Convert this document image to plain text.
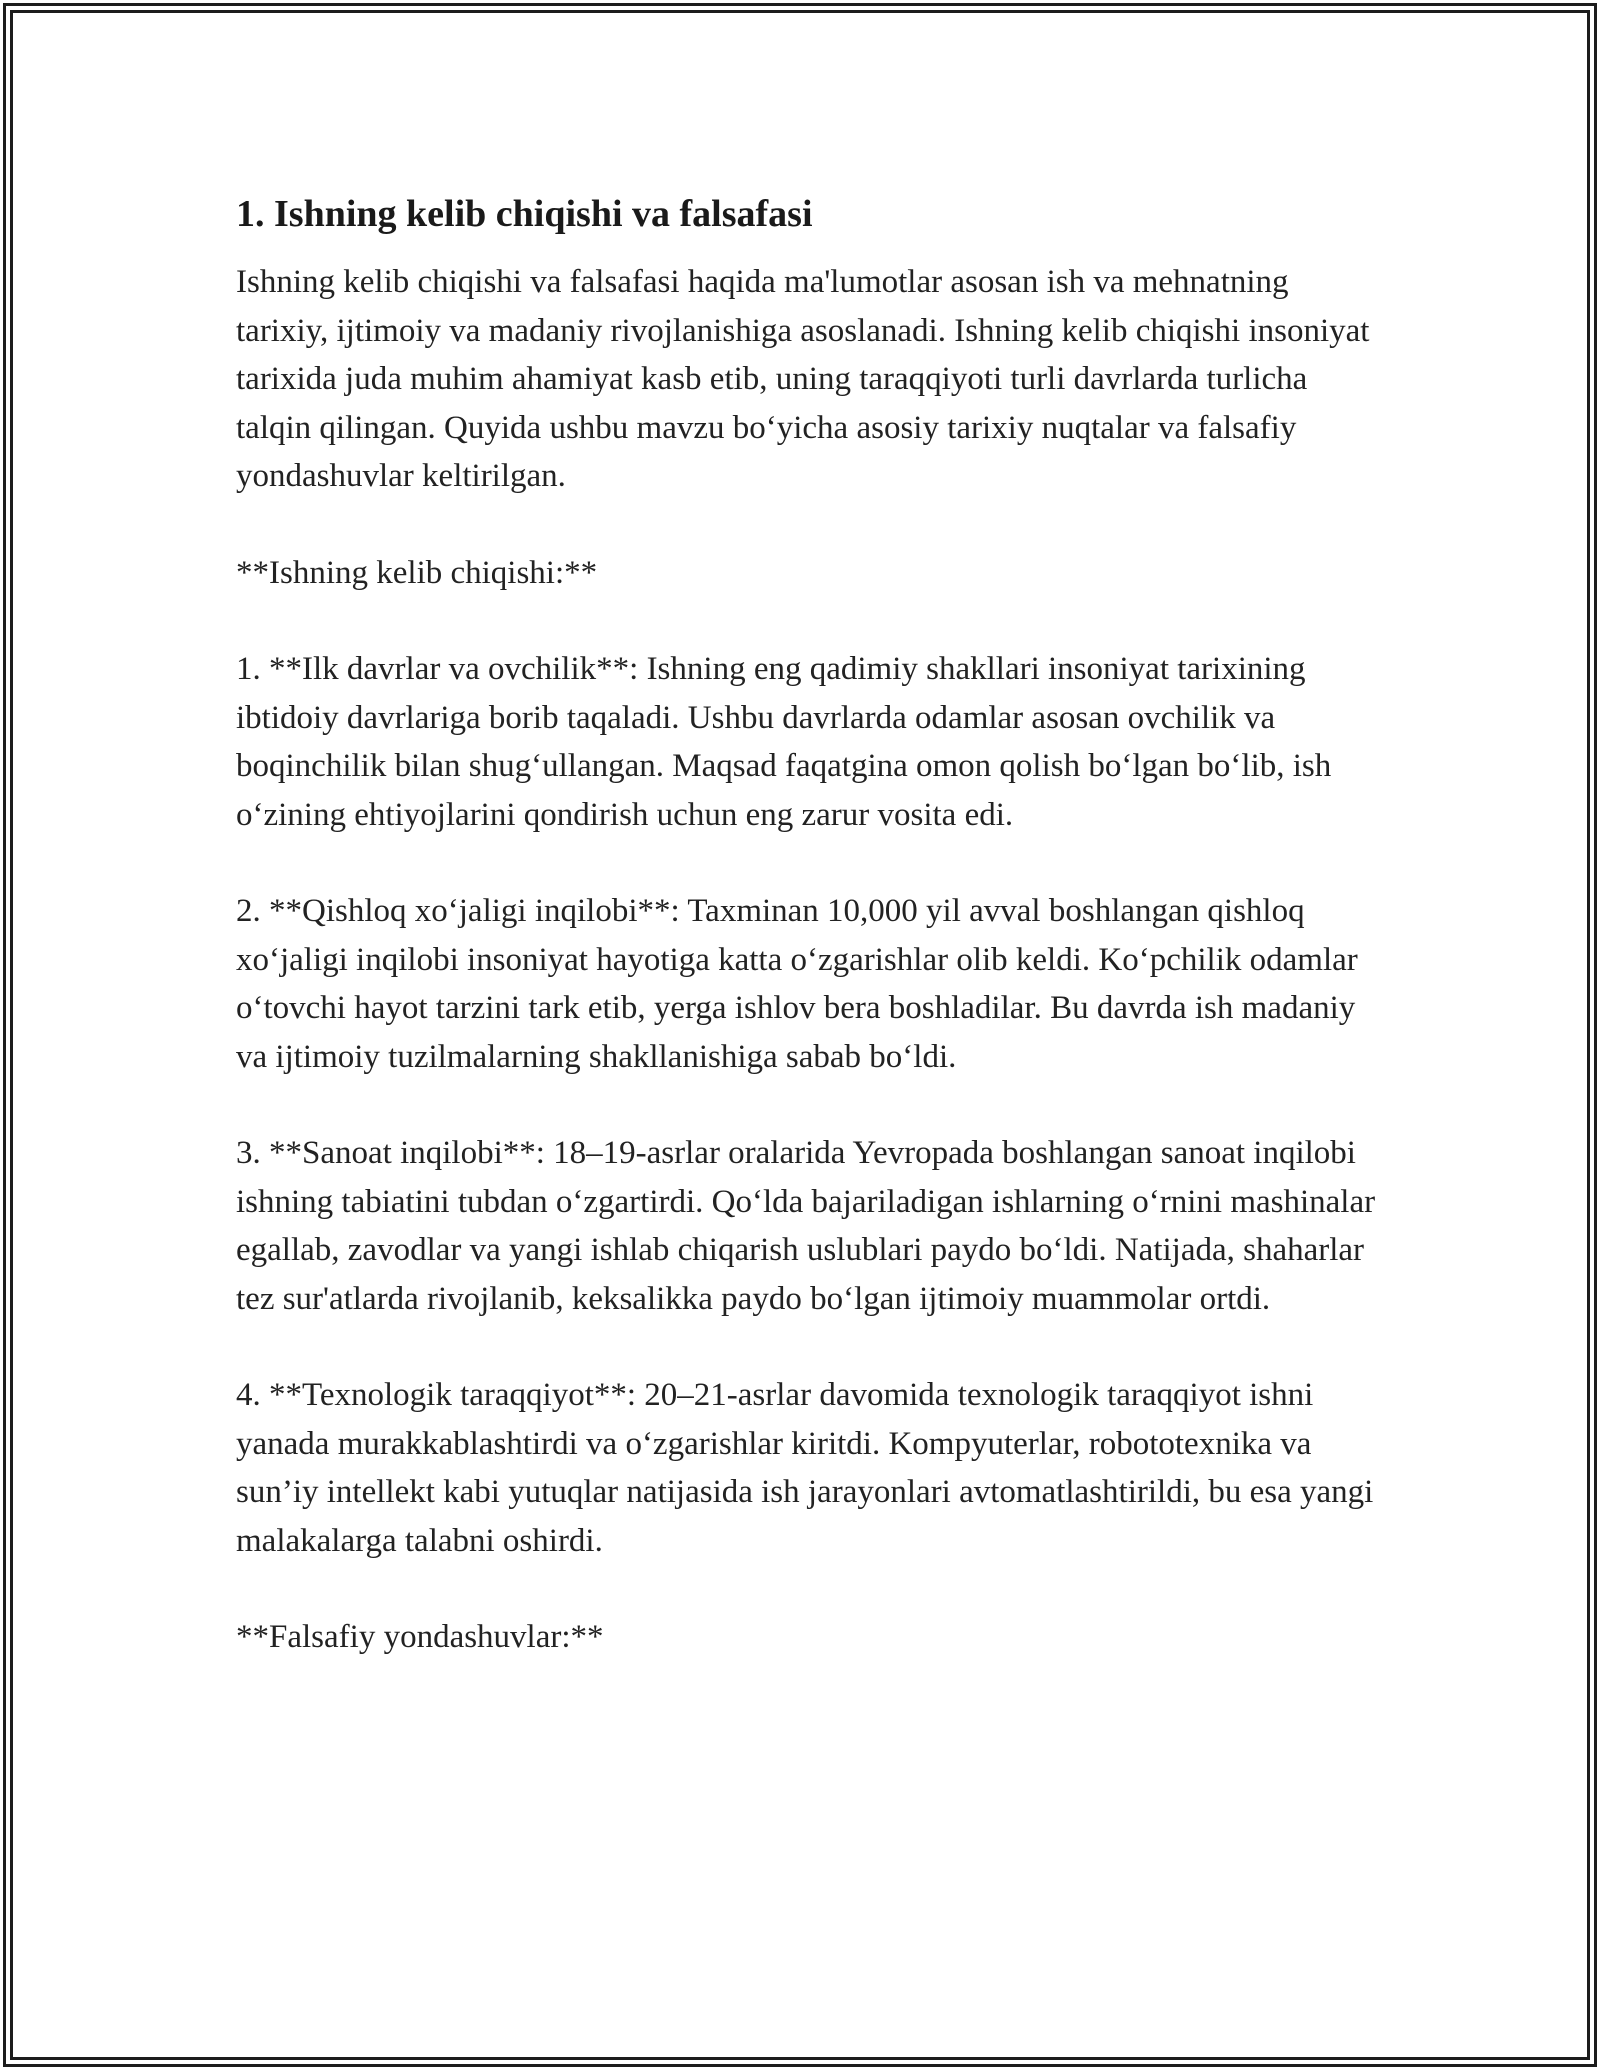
1. Ishning kelib chiqishi va falsafasi

Ishning kelib chiqishi va falsafasi haqida ma'lumotlar asosan ish va mehnatning tarixiy, ijtimoiy va madaniy rivojlanishiga asoslanadi. Ishning kelib chiqishi insoniyat tarixida juda muhim ahamiyat kasb etib, uning taraqqiyoti turli davrlarda turlicha talqin qilingan. Quyida ushbu mavzu bo‘yicha asosiy tarixiy nuqtalar va falsafiy yondashuvlar keltirilgan.

**Ishning kelib chiqishi:**

1. **Ilk davrlar va ovchilik**: Ishning eng qadimiy shakllari insoniyat tarixining ibtidoiy davrlariga borib taqaladi. Ushbu davrlarda odamlar asosan ovchilik va boqinchilik bilan shug‘ullangan. Maqsad faqatgina omon qolish bo‘lgan bo‘lib, ish o‘zining ehtiyojlarini qondirish uchun eng zarur vosita edi.

2. **Qishloq xo‘jaligi inqilobi**: Taxminan 10,000 yil avval boshlangan qishloq xo‘jaligi inqilobi insoniyat hayotiga katta o‘zgarishlar olib keldi. Ko‘pchilik odamlar o‘tovchi hayot tarzini tark etib, yerga ishlov bera boshladilar. Bu davrda ish madaniy va ijtimoiy tuzilmalarning shakllanishiga sabab bo‘ldi.

3. **Sanoat inqilobi**: 18–19-asrlar oralarida Yevropada boshlangan sanoat inqilobi ishning tabiatini tubdan o‘zgartirdi. Qo‘lda bajariladigan ishlarning o‘rnini mashinalar egallab, zavodlar va yangi ishlab chiqarish uslublari paydo bo‘ldi. Natijada, shaharlar tez sur'atlarda rivojlanib, keksalikka paydo bo‘lgan ijtimoiy muammolar ortdi.

4. **Texnologik taraqqiyot**: 20–21-asrlar davomida texnologik taraqqiyot ishni yanada murakkablashtirdi va o‘zgarishlar kiritdi. Kompyuterlar, robototexnika va sun’iy intellekt kabi yutuqlar natijasida ish jarayonlari avtomatlashtirildi, bu esa yangi malakalarga talabni oshirdi.

**Falsafiy yondashuvlar:**
